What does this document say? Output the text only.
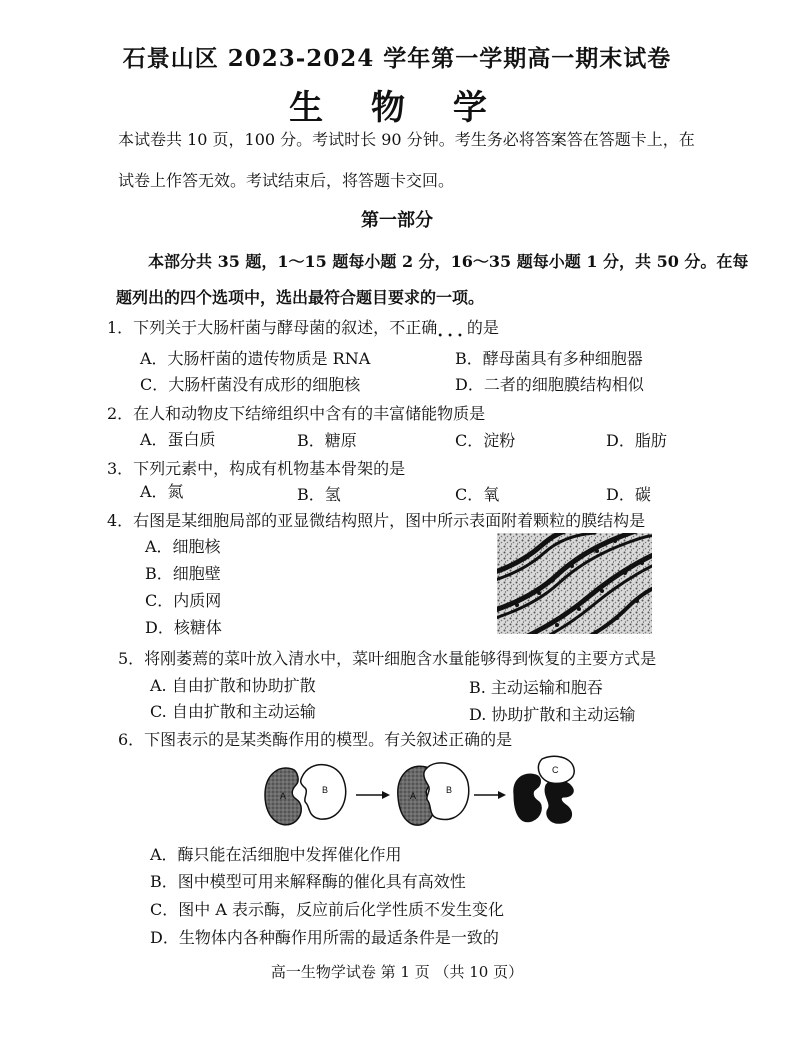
石景山区 2023-2024 学年第一学期高一期末试卷
生 物 学
本试卷共 10 页，100 分。考试时长 90 分钟。考生务必将答案答在答题卡上，在
试卷上作答无效。考试结束后，将答题卡交回。
第一部分
本部分共 35 题，1～15 题每小题 2 分，16～35 题每小题 1 分，共 50 分。在每
题列出的四个选项中，选出最符合题目要求的一项。
1．下列关于大肠杆菌与酵母菌的叙述，不正确$_{•••}$的是
A．大肠杆菌的遗传物质是 RNA	B．酵母菌具有多种细胞器
C．大肠杆菌没有成形的细胞核	D．二者的细胞膜结构相似
2．在人和动物皮下结缔组织中含有的丰富储能物质是
A．蛋白质	B．糖原	C．淀粉	D．脂肪
3．下列元素中，构成有机物基本骨架的是
A．氮	B．氢	C．氧	D．碳
4．右图是某细胞局部的亚显微结构照片，图中所示表面附着颗粒的膜结构是
A．细胞核
B．细胞壁
C．内质网
D．核糖体
5．将刚萎蔫的菜叶放入清水中，菜叶细胞含水量能够得到恢复的主要方式是
A. 自由扩散和协助扩散	B. 主动运输和胞吞
C. 自由扩散和主动运输	D. 协助扩散和主动运输
6．下图表示的是某类酶作用的模型。有关叙述正确的是
A
B
A
B
C
A．酶只能在活细胞中发挥催化作用
B．图中模型可用来解释酶的催化具有高效性
C．图中 A 表示酶，反应前后化学性质不发生变化
D．生物体内各种酶作用所需的最适条件是一致的
高一生物学试卷 第 1 页 （共 10 页）
